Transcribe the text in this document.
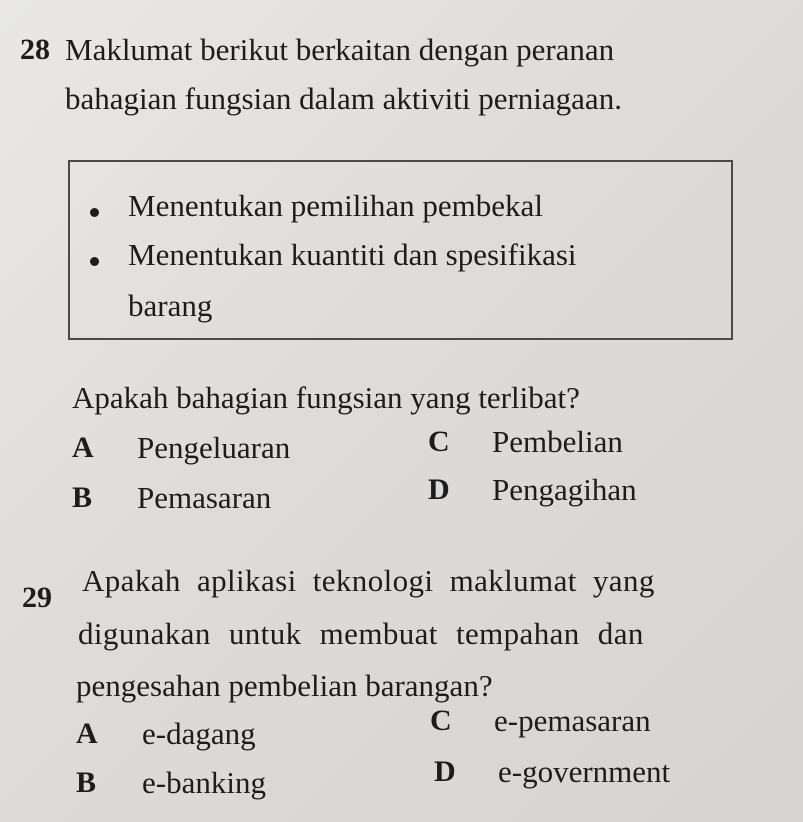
28 Maklumat berikut berkaitan dengan peranan
bahagian fungsian dalam aktiviti perniagaan.
Menentukan pemilihan pembekal
Menentukan kuantiti dan spesifikasi
barang
Apakah bahagian fungsian yang terlibat?
A Pengeluaran	C Pembelian
B Pemasaran	D Pengagihan
29 Apakah aplikasi teknologi maklumat yang
digunakan untuk membuat tempahan dan
pengesahan pembelian barangan?
A e-dagang	C e-pemasaran
B e-banking	D e-government
